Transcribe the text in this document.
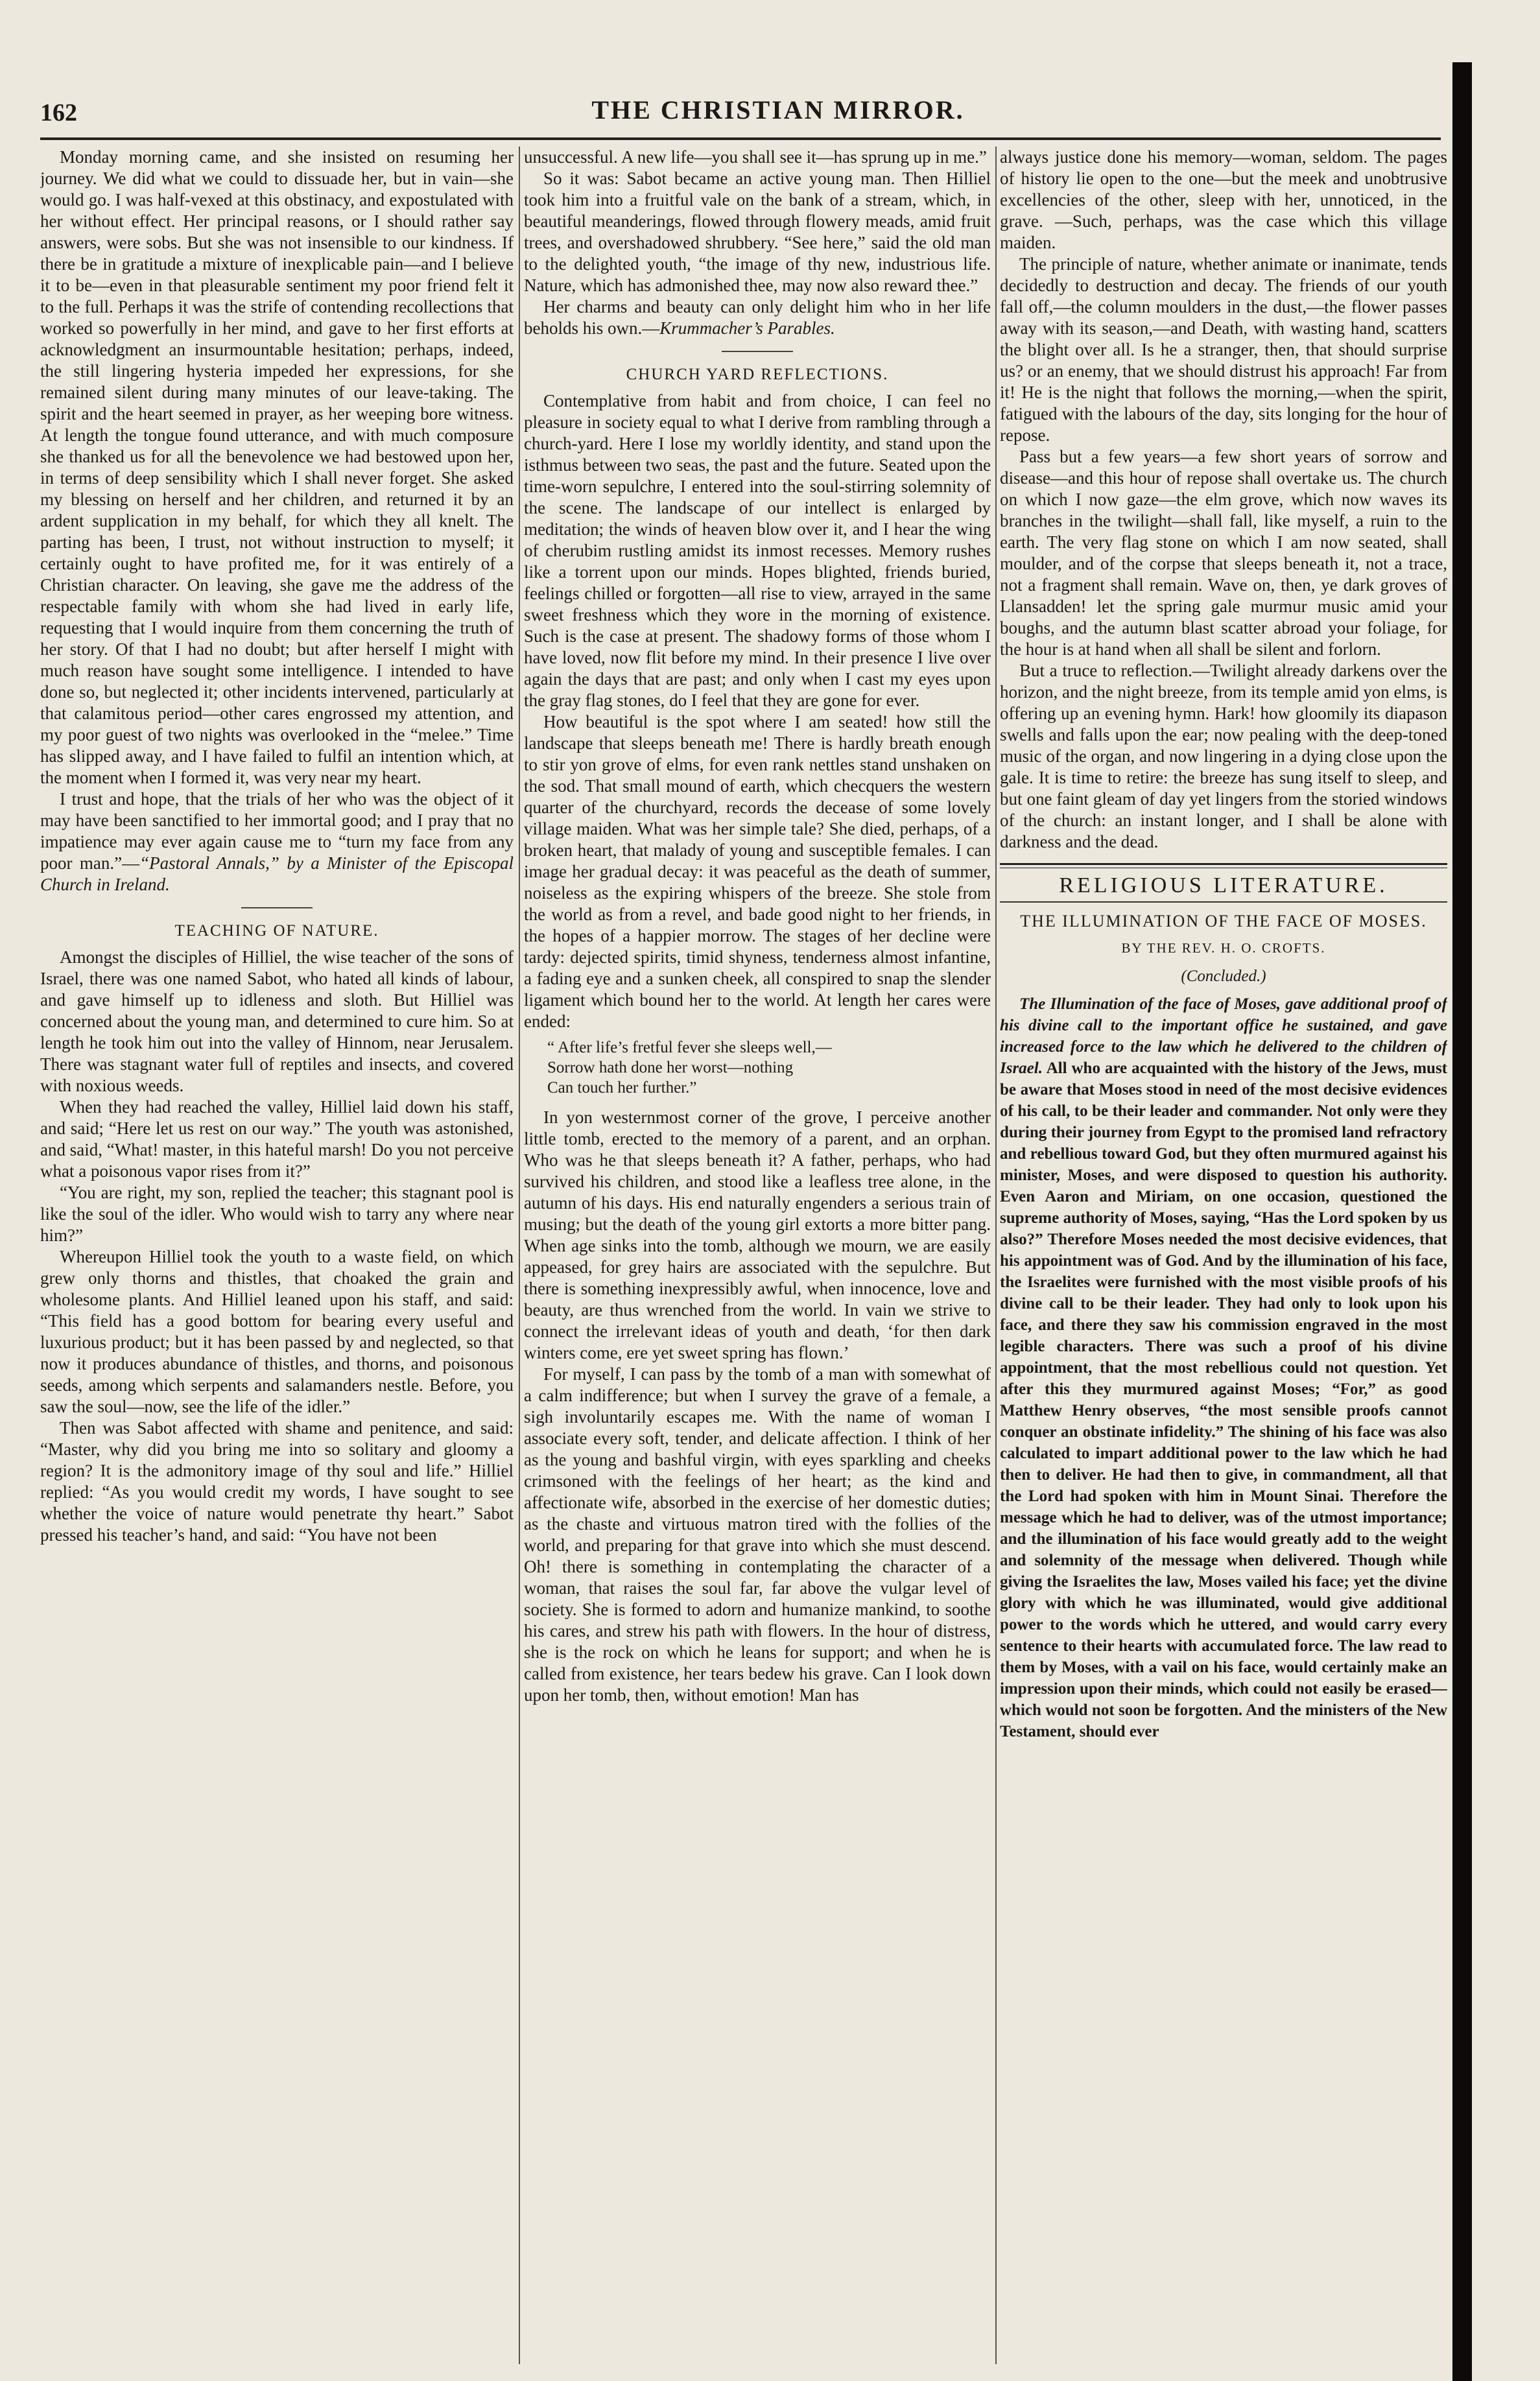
162	THE CHRISTIAN MIRROR.

Monday morning came, and she insisted on resuming her journey. We did what we could to dissuade her, but in vain—she would go. I was half-vexed at this obstinacy, and expostulated with her without effect. Her principal reasons, or I should rather say answers, were sobs. But she was not insensible to our kindness. If there be in gratitude a mixture of inexplicable pain—and I believe it to be—even in that pleasurable sentiment my poor friend felt it to the full. Perhaps it was the strife of contending recollections that worked so powerfully in her mind, and gave to her first efforts at acknowledgment an insurmountable hesitation; perhaps, indeed, the still lingering hysteria impeded her expressions, for she remained silent during many minutes of our leave-taking. The spirit and the heart seemed in prayer, as her weeping bore witness. At length the tongue found utterance, and with much composure she thanked us for all the benevolence we had bestowed upon her, in terms of deep sensibility which I shall never forget. She asked my blessing on herself and her children, and returned it by an ardent supplication in my behalf, for which they all knelt. The parting has been, I trust, not without instruction to myself; it certainly ought to have profited me, for it was entirely of a Christian character. On leaving, she gave me the address of the respectable family with whom she had lived in early life, requesting that I would inquire from them concerning the truth of her story. Of that I had no doubt; but after herself I might with much reason have sought some intelligence. I intended to have done so, but neglected it; other incidents intervened, particularly at that calamitous period—other cares engrossed my attention, and my poor guest of two nights was overlooked in the “melee.” Time has slipped away, and I have failed to fulfil an intention which, at the moment when I formed it, was very near my heart.

I trust and hope, that the trials of her who was the object of it may have been sanctified to her immortal good; and I pray that no impatience may ever again cause me to “turn my face from any poor man.”—“Pastoral Annals,” by a Minister of the Episcopal Church in Ireland.

TEACHING OF NATURE.

Amongst the disciples of Hilliel, the wise teacher of the sons of Israel, there was one named Sabot, who hated all kinds of labour, and gave himself up to idleness and sloth. But Hilliel was concerned about the young man, and determined to cure him. So at length he took him out into the valley of Hinnom, near Jerusalem. There was stagnant water full of reptiles and insects, and covered with noxious weeds.

When they had reached the valley, Hilliel laid down his staff, and said; “Here let us rest on our way.” The youth was astonished, and said, “What! master, in this hateful marsh! Do you not perceive what a poisonous vapor rises from it?”

“You are right, my son, replied the teacher; this stagnant pool is like the soul of the idler. Who would wish to tarry any where near him?”

Whereupon Hilliel took the youth to a waste field, on which grew only thorns and thistles, that choaked the grain and wholesome plants. And Hilliel leaned upon his staff, and said: “This field has a good bottom for bearing every useful and luxurious product; but it has been passed by and neglected, so that now it produces abundance of thistles, and thorns, and poisonous seeds, among which serpents and salamanders nestle. Before, you saw the soul—now, see the life of the idler.”

Then was Sabot affected with shame and penitence, and said: “Master, why did you bring me into so solitary and gloomy a region? It is the admonitory image of thy soul and life.” Hilliel replied: “As you would credit my words, I have sought to see whether the voice of nature would penetrate thy heart.” Sabot pressed his teacher’s hand, and said: “You have not been

unsuccessful. A new life—you shall see it—has sprung up in me.”

So it was: Sabot became an active young man. Then Hilliel took him into a fruitful vale on the bank of a stream, which, in beautiful meanderings, flowed through flowery meads, amid fruit trees, and overshadowed shrubbery. “See here,” said the old man to the delighted youth, “the image of thy new, industrious life. Nature, which has admonished thee, may now also reward thee.”

Her charms and beauty can only delight him who in her life beholds his own.—Krummacher’s Parables.

CHURCH YARD REFLECTIONS.

Contemplative from habit and from choice, I can feel no pleasure in society equal to what I derive from rambling through a church-yard. Here I lose my worldly identity, and stand upon the isthmus between two seas, the past and the future. Seated upon the time-worn sepulchre, I entered into the soul-stirring solemnity of the scene. The landscape of our intellect is enlarged by meditation; the winds of heaven blow over it, and I hear the wing of cherubim rustling amidst its inmost recesses. Memory rushes like a torrent upon our minds. Hopes blighted, friends buried, feelings chilled or forgotten—all rise to view, arrayed in the same sweet freshness which they wore in the morning of existence. Such is the case at present. The shadowy forms of those whom I have loved, now flit before my mind. In their presence I live over again the days that are past; and only when I cast my eyes upon the gray flag stones, do I feel that they are gone for ever.

How beautiful is the spot where I am seated! how still the landscape that sleeps beneath me! There is hardly breath enough to stir yon grove of elms, for even rank nettles stand unshaken on the sod. That small mound of earth, which checquers the western quarter of the churchyard, records the decease of some lovely village maiden. What was her simple tale? She died, perhaps, of a broken heart, that malady of young and susceptible females. I can image her gradual decay: it was peaceful as the death of summer, noiseless as the expiring whispers of the breeze. She stole from the world as from a revel, and bade good night to her friends, in the hopes of a happier morrow. The stages of her decline were tardy: dejected spirits, timid shyness, tenderness almost infantine, a fading eye and a sunken cheek, all conspired to snap the slender ligament which bound her to the world. At length her cares were ended:

“ After life’s fretful fever she sleeps well,—
Sorrow hath done her worst—nothing
Can touch her further.”

In yon westernmost corner of the grove, I perceive another little tomb, erected to the memory of a parent, and an orphan. Who was he that sleeps beneath it? A father, perhaps, who had survived his children, and stood like a leafless tree alone, in the autumn of his days. His end naturally engenders a serious train of musing; but the death of the young girl extorts a more bitter pang. When age sinks into the tomb, although we mourn, we are easily appeased, for grey hairs are associated with the sepulchre. But there is something inexpressibly awful, when innocence, love and beauty, are thus wrenched from the world. In vain we strive to connect the irrelevant ideas of youth and death, ‘for then dark winters come, ere yet sweet spring has flown.’

For myself, I can pass by the tomb of a man with somewhat of a calm indifference; but when I survey the grave of a female, a sigh involuntarily escapes me. With the name of woman I associate every soft, tender, and delicate affection. I think of her as the young and bashful virgin, with eyes sparkling and cheeks crimsoned with the feelings of her heart; as the kind and affectionate wife, absorbed in the exercise of her domestic duties; as the chaste and virtuous matron tired with the follies of the world, and preparing for that grave into which she must descend. Oh! there is something in contemplating the character of a woman, that raises the soul far, far above the vulgar level of society. She is formed to adorn and humanize mankind, to soothe his cares, and strew his path with flowers. In the hour of distress, she is the rock on which he leans for support; and when he is called from existence, her tears bedew his grave. Can I look down upon her tomb, then, without emotion! Man has

always justice done his memory—woman, seldom. The pages of history lie open to the one—but the meek and unobtrusive excellencies of the other, sleep with her, unnoticed, in the grave. —Such, perhaps, was the case which this village maiden.

The principle of nature, whether animate or inanimate, tends decidedly to destruction and decay. The friends of our youth fall off,—the column moulders in the dust,—the flower passes away with its season,—and Death, with wasting hand, scatters the blight over all. Is he a stranger, then, that should surprise us? or an enemy, that we should distrust his approach! Far from it! He is the night that follows the morning,—when the spirit, fatigued with the labours of the day, sits longing for the hour of repose.

Pass but a few years—a few short years of sorrow and disease—and this hour of repose shall overtake us. The church on which I now gaze—the elm grove, which now waves its branches in the twilight—shall fall, like myself, a ruin to the earth. The very flag stone on which I am now seated, shall moulder, and of the corpse that sleeps beneath it, not a trace, not a fragment shall remain. Wave on, then, ye dark groves of Llansadden! let the spring gale murmur music amid your boughs, and the autumn blast scatter abroad your foliage, for the hour is at hand when all shall be silent and forlorn.

But a truce to reflection.—Twilight already darkens over the horizon, and the night breeze, from its temple amid yon elms, is offering up an evening hymn. Hark! how gloomily its diapason swells and falls upon the ear; now pealing with the deep-toned music of the organ, and now lingering in a dying close upon the gale. It is time to retire: the breeze has sung itself to sleep, and but one faint gleam of day yet lingers from the storied windows of the church: an instant longer, and I shall be alone with darkness and the dead.

RELIGIOUS LITERATURE.
THE ILLUMINATION OF THE FACE OF MOSES.
BY THE REV. H. O. CROFTS.
(Concluded.)

The Illumination of the face of Moses, gave additional proof of his divine call to the important office he sustained, and gave increased force to the law which he delivered to the children of Israel. All who are acquainted with the history of the Jews, must be aware that Moses stood in need of the most decisive evidences of his call, to be their leader and commander. Not only were they during their journey from Egypt to the promised land refractory and rebellious toward God, but they often murmured against his minister, Moses, and were disposed to question his authority. Even Aaron and Miriam, on one occasion, questioned the supreme authority of Moses, saying, “Has the Lord spoken by us also?” Therefore Moses needed the most decisive evidences, that his appointment was of God. And by the illumination of his face, the Israelites were furnished with the most visible proofs of his divine call to be their leader. They had only to look upon his face, and there they saw his commission engraved in the most legible characters. There was such a proof of his divine appointment, that the most rebellious could not question. Yet after this they murmured against Moses; “For,” as good Matthew Henry observes, “the most sensible proofs cannot conquer an obstinate infidelity.” The shining of his face was also calculated to impart additional power to the law which he had then to deliver. He had then to give, in commandment, all that the Lord had spoken with him in Mount Sinai. Therefore the message which he had to deliver, was of the utmost importance; and the illumination of his face would greatly add to the weight and solemnity of the message when delivered. Though while giving the Israelites the law, Moses vailed his face; yet the divine glory with which he was illuminated, would give additional power to the words which he uttered, and would carry every sentence to their hearts with accumulated force. The law read to them by Moses, with a vail on his face, would certainly make an impression upon their minds, which could not easily be erased—which would not soon be forgotten. And the ministers of the New Testament, should ever
